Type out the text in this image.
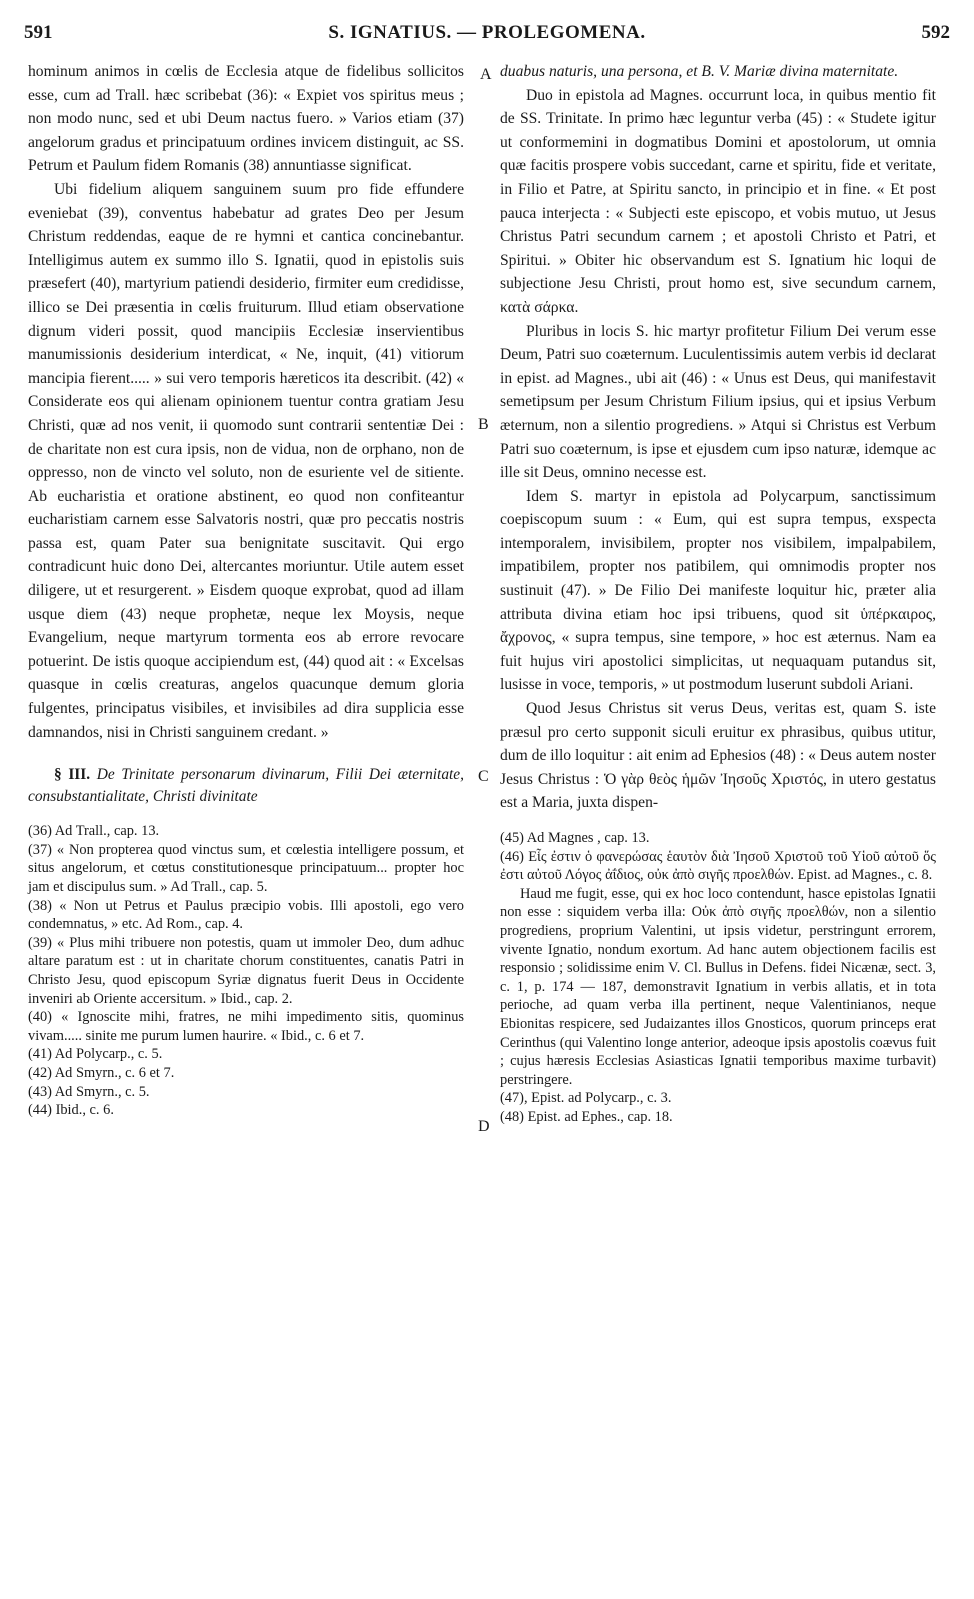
591	S. IGNATIUS. — PROLEGOMENA.	592
A
B
C
D

hominum animos in cœlis de Ecclesia atque de fidelibus sollicitos esse, cum ad Trall. hæc scribebat (36): « Expiet vos spiritus meus ; non modo nunc, sed et ubi Deum nactus fuero. » Varios etiam (37) angelorum gradus et principatuum ordines invicem distinguit, ac SS. Petrum et Paulum fidem Romanis (38) annuntiasse significat.

Ubi fidelium aliquem sanguinem suum pro fide effundere eveniebat (39), conventus habebatur ad grates Deo per Jesum Christum reddendas, eaque de re hymni et cantica concinebantur. Intelligimus autem ex summo illo S. Ignatii, quod in epistolis suis præsefert (40), martyrium patiendi desiderio, firmiter eum credidisse, illico se Dei præsentia in cœlis fruiturum. Illud etiam observatione dignum videri possit, quod mancipiis Ecclesiæ inservientibus manumissionis desiderium interdicat, « Ne, inquit, (41) vitiorum mancipia fierent..... » sui vero temporis hæreticos ita describit. (42) « Considerate eos qui alienam opinionem tuentur contra gratiam Jesu Christi, quæ ad nos venit, ii quomodo sunt contrarii sententiæ Dei : de charitate non est cura ipsis, non de vidua, non de orphano, non de oppresso, non de vincto vel soluto, non de esuriente vel de sitiente. Ab eucharistia et oratione abstinent, eo quod non confiteantur eucharistiam carnem esse Salvatoris nostri, quæ pro peccatis nostris passa est, quam Pater sua benignitate suscitavit. Qui ergo contradicunt huic dono Dei, altercantes moriuntur. Utile autem esset diligere, ut et resurgerent. » Eisdem quoque exprobat, quod ad illam usque diem (43) neque prophetæ, neque lex Moysis, neque Evangelium, neque martyrum tormenta eos ab errore revocare potuerint. De istis quoque accipiendum est, (44) quod ait : « Excelsas quasque in cœlis creaturas, angelos quacunque demum gloria fulgentes, principatus visibiles, et invisibiles ad dira supplicia esse damnandos, nisi in Christi sanguinem credant. »

§ III. De Trinitate personarum divinarum, Filii Dei æternitate, consubstantialitate, Christi divinitate

(36) Ad Trall., cap. 13.

(37) « Non propterea quod vinctus sum, et cœlestia intelligere possum, et situs angelorum, et cœtus constitutionesque principatuum... propter hoc jam et discipulus sum. » Ad Trall., cap. 5.

(38) « Non ut Petrus et Paulus præcipio vobis. Illi apostoli, ego vero condemnatus, » etc. Ad Rom., cap. 4.

(39) « Plus mihi tribuere non potestis, quam ut immoler Deo, dum adhuc altare paratum est : ut in charitate chorum constituentes, canatis Patri in Christo Jesu, quod episcopum Syriæ dignatus fuerit Deus in Occidente inveniri ab Oriente accersitum. » Ibid., cap. 2.

(40) « Ignoscite mihi, fratres, ne mihi impedimento sitis, quominus vivam..... sinite me purum lumen haurire. « Ibid., c. 6 et 7.

(41) Ad Polycarp., c. 5.

(42) Ad Smyrn., c. 6 et 7.

(43) Ad Smyrn., c. 5.

(44) Ibid., c. 6.

duabus naturis, una persona, et B. V. Mariæ divina maternitate.

Duo in epistola ad Magnes. occurrunt loca, in quibus mentio fit de SS. Trinitate. In primo hæc leguntur verba (45) : « Studete igitur ut conformemini in dogmatibus Domini et apostolorum, ut omnia quæ facitis prospere vobis succedant, carne et spiritu, fide et veritate, in Filio et Patre, at Spiritu sancto, in principio et in fine. « Et post pauca interjecta : « Subjecti este episcopo, et vobis mutuo, ut Jesus Christus Patri secundum carnem ; et apostoli Christo et Patri, et Spiritui. » Obiter hic observandum est S. Ignatium hic loqui de subjectione Jesu Christi, prout homo est, sive secundum carnem, κατὰ σάρκα.

Pluribus in locis S. hic martyr profitetur Filium Dei verum esse Deum, Patri suo coæternum. Luculentissimis autem verbis id declarat in epist. ad Magnes., ubi ait (46) : « Unus est Deus, qui manifestavit semetipsum per Jesum Christum Filium ipsius, qui et ipsius Verbum æternum, non a silentio progrediens. » Atqui si Christus est Verbum Patri suo coæternum, is ipse et ejusdem cum ipso naturæ, idemque ac ille sit Deus, omnino necesse est.

Idem S. martyr in epistola ad Polycarpum, sanctissimum coepiscopum suum : « Eum, qui est supra tempus, exspecta intemporalem, invisibilem, propter nos visibilem, impalpabilem, impatibilem, propter nos patibilem, qui omnimodis propter nos sustinuit (47). » De Filio Dei manifeste loquitur hic, præter alia attributa divina etiam hoc ipsi tribuens, quod sit ὑπέρκαιρος, ἄχρονος, « supra tempus, sine tempore, » hoc est æternus. Nam ea fuit hujus viri apostolici simplicitas, ut nequaquam putandus sit, lusisse in voce, temporis, » ut postmodum luserunt subdoli Ariani.

Quod Jesus Christus sit verus Deus, veritas est, quam S. iste præsul pro certo supponit siculi eruitur ex phrasibus, quibus utitur, dum de illo loquitur : ait enim ad Ephesios (48) : « Deus autem noster Jesus Christus : Ὁ γὰρ θεὸς ἡμῶν Ἰησοῦς Χριστός, in utero gestatus est a Maria, juxta dispen-

(45) Ad Magnes , cap. 13.

(46) Εἷς ἐστιν ὁ φανερώσας ἑαυτὸν διὰ Ἰησοῦ Χριστοῦ τοῦ Υἱοῦ αὐτοῦ ὅς ἐστι αὐτοῦ Λόγος ἀΐδιος, οὐκ ἀπὸ σιγῆς προελθών. Epist. ad Magnes., c. 8.

Haud me fugit, esse, qui ex hoc loco contendunt, hasce epistolas Ignatii non esse : siquidem verba illa: Οὐκ ἀπὸ σιγῆς προελθών, non a silentio progrediens, proprium Valentini, ut ipsis videtur, perstringunt errorem, vivente Ignatio, nondum exortum. Ad hanc autem objectionem facilis est responsio ; solidissime enim V. Cl. Bullus in Defens. fidei Nicænæ, sect. 3, c. 1, p. 174 — 187, demonstravit Ignatium in verbis allatis, et in tota perioche, ad quam verba illa pertinent, neque Valentinianos, neque Ebionitas respicere, sed Judaizantes illos Gnosticos, quorum princeps erat Cerinthus (qui Valentino longe anterior, adeoque ipsis apostolis coævus fuit ; cujus hæresis Ecclesias Asiasticas Ignatii temporibus maxime turbavit) perstringere.

(47), Epist. ad Polycarp., c. 3.

(48) Epist. ad Ephes., cap. 18.
